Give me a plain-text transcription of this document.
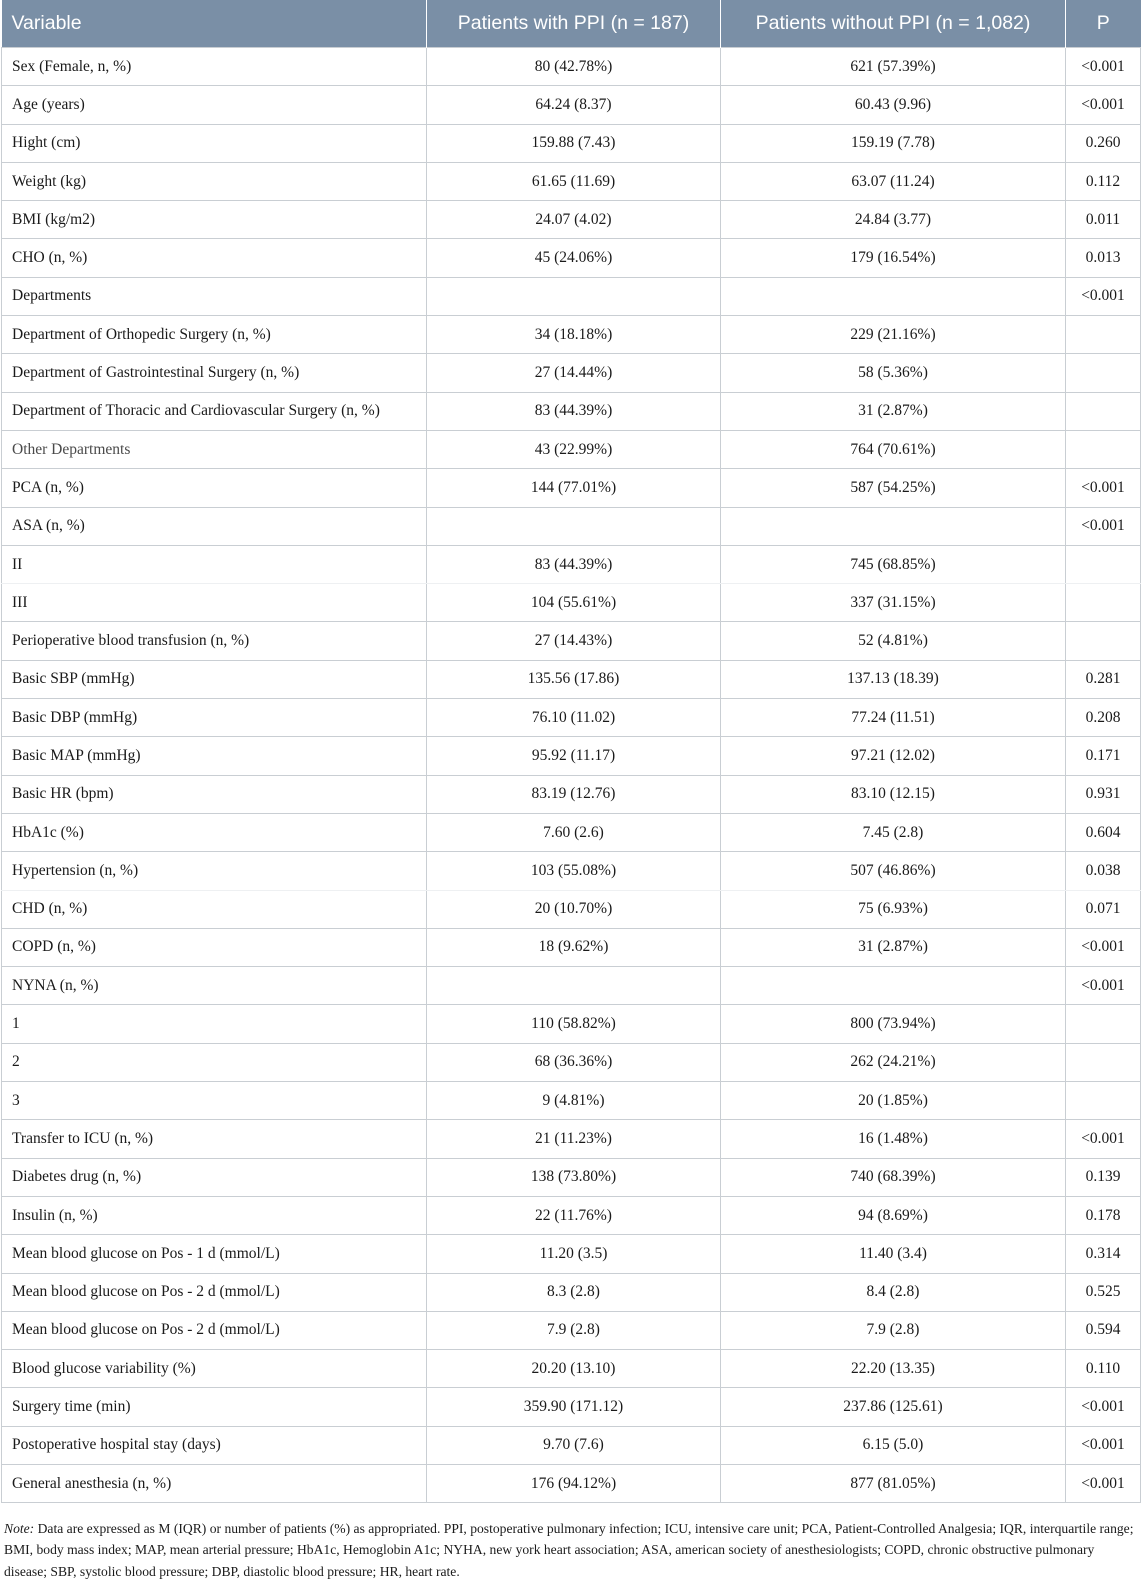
Variable	Patients with PPI (n = 187)	Patients without PPI (n = 1,082)	P
Sex (Female, n, %)	80 (42.78%)	621 (57.39%)	<0.001
Age (years)	64.24 (8.37)	60.43 (9.96)	<0.001
Hight (cm)	159.88 (7.43)	159.19 (7.78)	0.260
Weight (kg)	61.65 (11.69)	63.07 (11.24)	0.112
BMI (kg/m2)	24.07 (4.02)	24.84 (3.77)	0.011
CHO (n, %)	45 (24.06%)	179 (16.54%)	0.013
Departments			<0.001
Department of Orthopedic Surgery (n, %)	34 (18.18%)	229 (21.16%)	
Department of Gastrointestinal Surgery (n, %)	27 (14.44%)	58 (5.36%)	
Department of Thoracic and Cardiovascular Surgery (n, %)	83 (44.39%)	31 (2.87%)	
Other Departments	43 (22.99%)	764 (70.61%)	
PCA (n, %)	144 (77.01%)	587 (54.25%)	<0.001
ASA (n, %)			<0.001
II	83 (44.39%)	745 (68.85%)	
III	104 (55.61%)	337 (31.15%)	
Perioperative blood transfusion (n, %)	27 (14.43%)	52 (4.81%)	
Basic SBP (mmHg)	135.56 (17.86)	137.13 (18.39)	0.281
Basic DBP (mmHg)	76.10 (11.02)	77.24 (11.51)	0.208
Basic MAP (mmHg)	95.92 (11.17)	97.21 (12.02)	0.171
Basic HR (bpm)	83.19 (12.76)	83.10 (12.15)	0.931
HbA1c (%)	7.60 (2.6)	7.45 (2.8)	0.604
Hypertension (n, %)	103 (55.08%)	507 (46.86%)	0.038
CHD (n, %)	20 (10.70%)	75 (6.93%)	0.071
COPD (n, %)	18 (9.62%)	31 (2.87%)	<0.001
NYNA (n, %)			<0.001
1	110 (58.82%)	800 (73.94%)	
2	68 (36.36%)	262 (24.21%)	
3	9 (4.81%)	20 (1.85%)	
Transfer to ICU (n, %)	21 (11.23%)	16 (1.48%)	<0.001
Diabetes drug (n, %)	138 (73.80%)	740 (68.39%)	0.139
Insulin (n, %)	22 (11.76%)	94 (8.69%)	0.178
Mean blood glucose on Pos - 1 d (mmol/L)	11.20 (3.5)	11.40 (3.4)	0.314
Mean blood glucose on Pos - 2 d (mmol/L)	8.3 (2.8)	8.4 (2.8)	0.525
Mean blood glucose on Pos - 2 d (mmol/L)	7.9 (2.8)	7.9 (2.8)	0.594
Blood glucose variability (%)	20.20 (13.10)	22.20 (13.35)	0.110
Surgery time (min)	359.90 (171.12)	237.86 (125.61)	<0.001
Postoperative hospital stay (days)	9.70 (7.6)	6.15 (5.0)	<0.001
General anesthesia (n, %)	176 (94.12%)	877 (81.05%)	<0.001

Note: Data are expressed as M (IQR) or number of patients (%) as appropriated. PPI, postoperative pulmonary infection; ICU, intensive care unit; PCA, Patient-Controlled Analgesia; IQR, interquartile range; BMI, body mass index; MAP, mean arterial pressure; HbA1c, Hemoglobin A1c; NYHA, new york heart association; ASA, american society of anesthesiologists; COPD, chronic obstructive pulmonary disease; SBP, systolic blood pressure; DBP, diastolic blood pressure; HR, heart rate.
